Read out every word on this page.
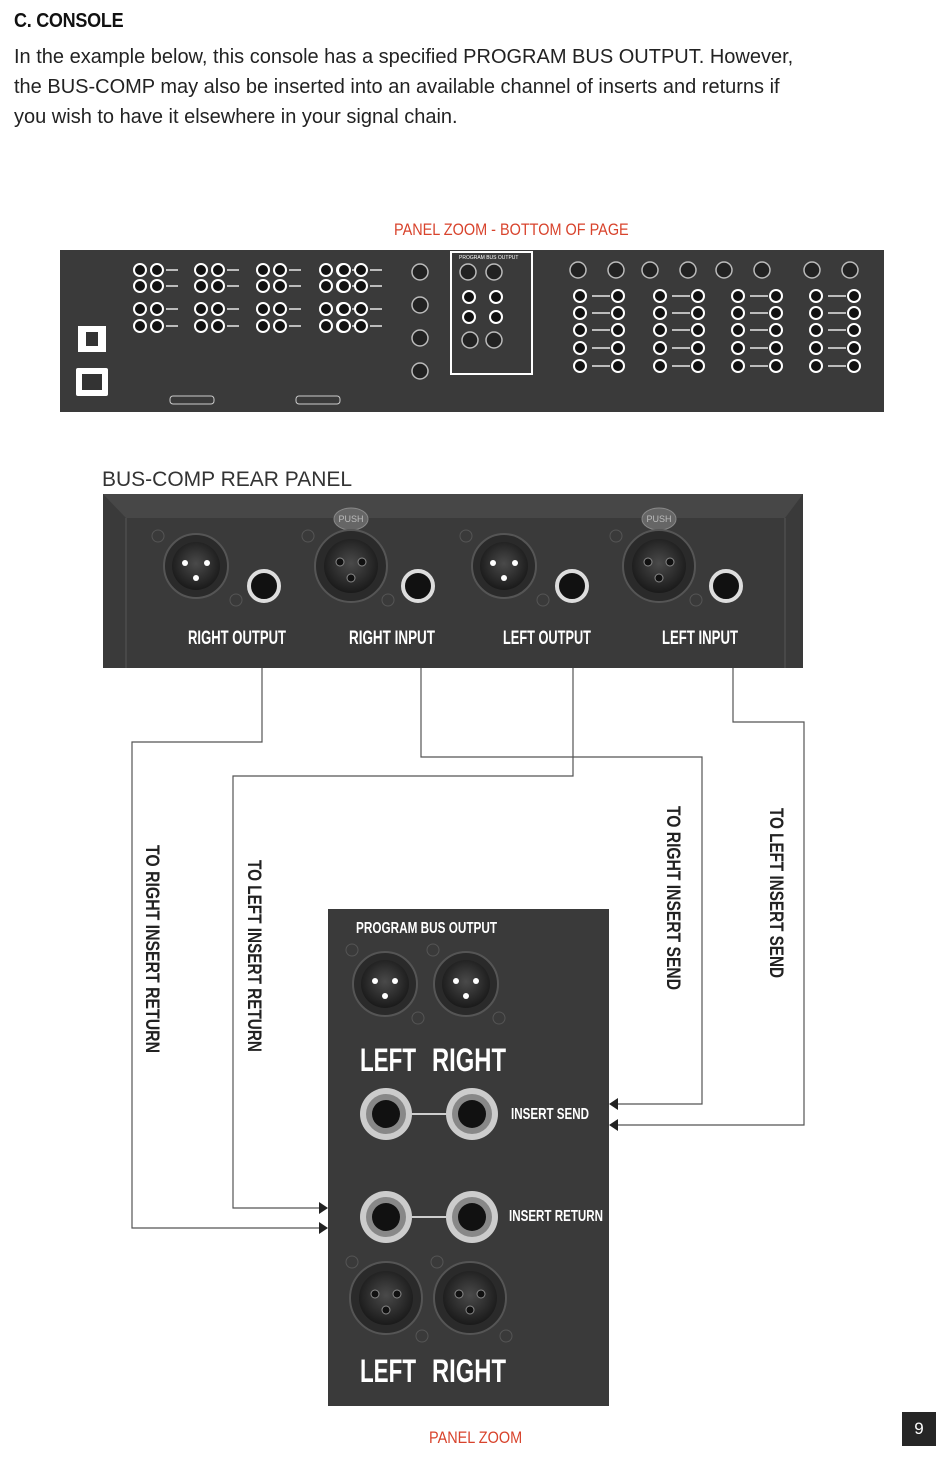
C. CONSOLE

In the example below, this console has a specified PROGRAM BUS OUTPUT. However, the BUS-COMP may also be inserted into an available channel of inserts and returns if you wish to have it elsewhere in your signal chain.

PANEL ZOOM - BOTTOM OF PAGE
PROGRAM BUS OUTPUT
BUS-COMP REAR PANEL
PUSH	PUSH
RIGHT OUTPUT	RIGHT INPUT	LEFT OUTPUT	LEFT INPUT
TO RIGHT INSERT RETURN	TO LEFT INSERT RETURN	TO RIGHT INSERT SEND	TO LEFT INSERT SEND
PROGRAM BUS OUTPUT
LEFT RIGHT
INSERT SEND
INSERT RETURN
LEFT RIGHT
PANEL ZOOM	9
